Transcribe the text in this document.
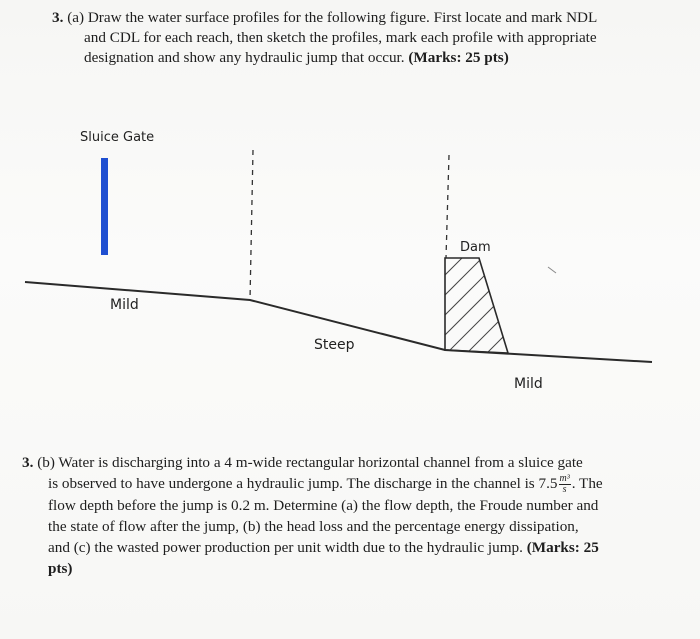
3. (a) Draw the water surface profiles for the following figure. First locate and mark NDL

and CDL for each reach, then sketch the profiles, mark each profile with appropriate

designation and show any hydraulic jump that occur. (Marks: 25 pts)

Sluice Gate
Dam
Mild
Steep
Mild

3. (b) Water is discharging into a 4 m-wide rectangular horizontal channel from a sluice gate

is observed to have undergone a hydraulic jump. The discharge in the channel is $7.5 \frac{\text{m³}}{s}$ . The

flow depth before the jump is 0.2 m. Determine (a) the flow depth, the Froude number and

the state of flow after the jump, (b) the head loss and the percentage energy dissipation,

and (c) the wasted power production per unit width due to the hydraulic jump. (Marks: 25

pts)
